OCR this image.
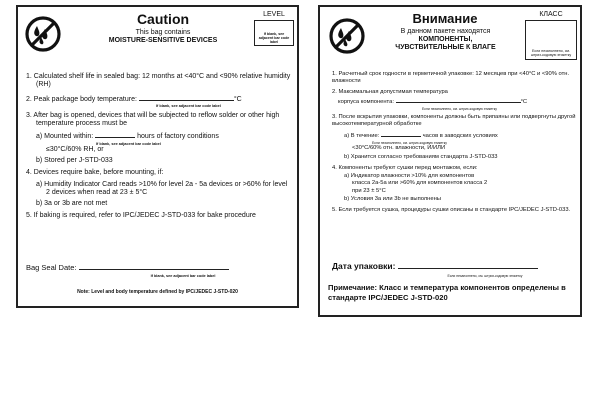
Caution
This bag contains
MOISTURE-SENSITIVE DEVICES
LEVEL
If blank, see adjacent bar code label

1. Calculated shelf life in sealed bag: 12 months at <40°C and <90% relative humidity (RH)

2. Peak package body temperature:	°C

If blank, see adjacent bar code label

3. After bag is opened, devices that will be subjected to reflow solder or other high temperature process must be

a) Mounted within:	hours of factory conditions

If blank, see adjacent bar code label

≤30°C/60% RH, or

b) Stored per J-STD-033

4. Devices require bake, before mounting, if:

a) Humidity Indicator Card reads >10% for level 2a - 5a devices or >60% for level 2 devices when read at 23 ± 5°C

b) 3a or 3b are not met

5. If baking is required, refer to IPC/JEDEC J-STD-033 for bake procedure

Bag Seal Date:
If blank, see adjacent bar code label
Note: Level and body temperature defined by IPC/JEDEC J-STD-020
Внимание
В данном пакете находятся
КОМПОНЕНТЫ,
ЧУВСТВИТЕЛЬНЫЕ К ВЛАГЕ
КЛАСС
Если незаполнено, см. штрих-кодовую этикетку

1. Расчетный срок годности в герметичной упаковке: 12 месяцев при <40°C и <90% отн. влажности

2. Максимальная допустимая температура

корпуса компонента:	°C

Если незаполнено, см. штрих-кодовую этикетку

3. После вскрытия упаковки, компоненты должны быть припаяны или подвергнуты другой высокотемпературной обработке

a) В течение:	часов в заводских условиях

Если незаполнено, см. штрих-кодовую этикетку

<30°C/60% отн. влажности, И/ИЛИ

b) Хранится согласно требованиям стандарта J-STD-033

4. Компоненты требуют сушки перед монтажом, если:

a) Индикатор влажности >10% для компонентов

класса 2a-5a или >60% для компонентов класса 2

при 23 ± 5°C

b) Условия 3a или 3b не выполнены

5. Если требуется сушка, процедуры сушки описаны в стандарте IPC/JEDEC J-STD-033.

Дата упаковки:
Если незаполнено, см. штрих-кодовую этикетку
Примечание: Класс и температура компонентов определены в стандарте IPC/JEDEC J-STD-020
